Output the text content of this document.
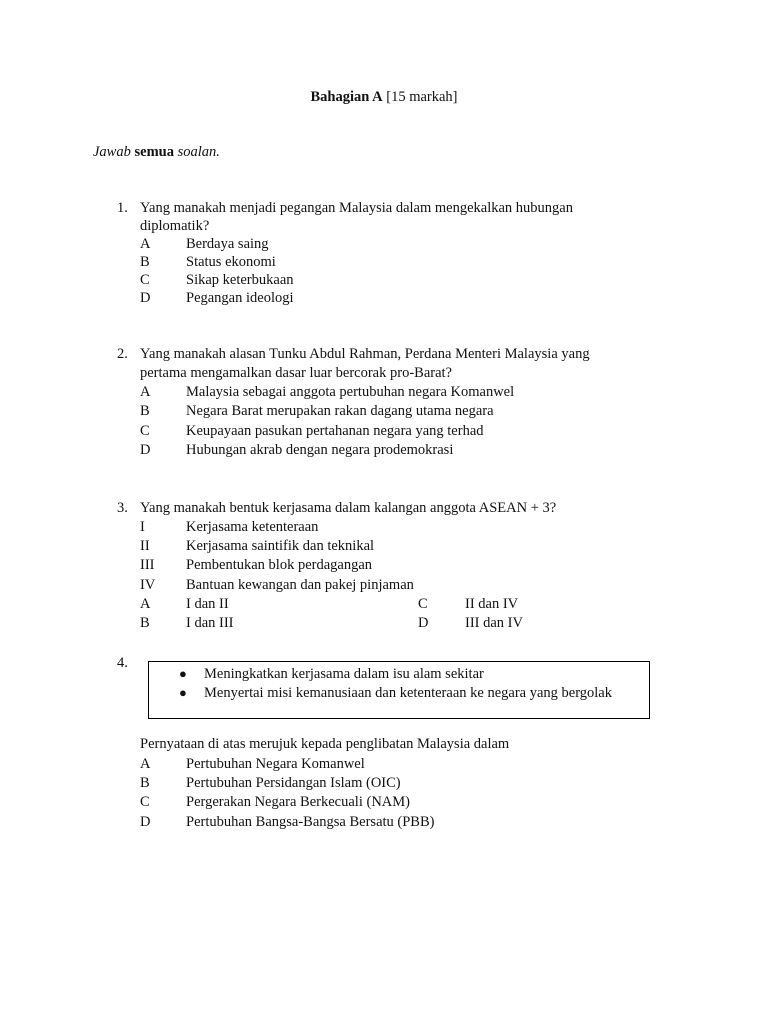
Bahagian A [15 markah]
Jawab semua soalan.
1. Yang manakah menjadi pegangan Malaysia dalam mengekalkan hubungan
diplomatik?
A Berdaya saing
B	Status ekonomi
C	Sikap keterbukaan
D Pegangan ideologi
2. Yang manakah alasan Tunku Abdul Rahman, Perdana Menteri Malaysia yang
pertama mengamalkan dasar luar bercorak pro-Barat?
A Malaysia sebagai anggota pertubuhan negara Komanwel
B	Negara Barat merupakan rakan dagang utama negara
C	Keupayaan pasukan pertahanan negara yang terhad
D Hubungan akrab dengan negara prodemokrasi
3. Yang manakah bentuk kerjasama dalam kalangan anggota ASEAN + 3?
I	Kerjasama ketenteraan
II	Kerjasama saintifik dan teknikal
III Pembentukan blok perdagangan
IV Bantuan kewangan dan pakej pinjaman
A I dan II	C	II dan IV
B	I dan III	D	III dan IV
4.
● Meningkatkan kerjasama dalam isu alam sekitar
● Menyertai misi kemanusiaan dan ketenteraan ke negara yang bergolak
Pernyataan di atas merujuk kepada penglibatan Malaysia dalam
A Pertubuhan Negara Komanwel
B	Pertubuhan Persidangan Islam (OIC)
C	Pergerakan Negara Berkecuali (NAM)
D Pertubuhan Bangsa-Bangsa Bersatu (PBB)
